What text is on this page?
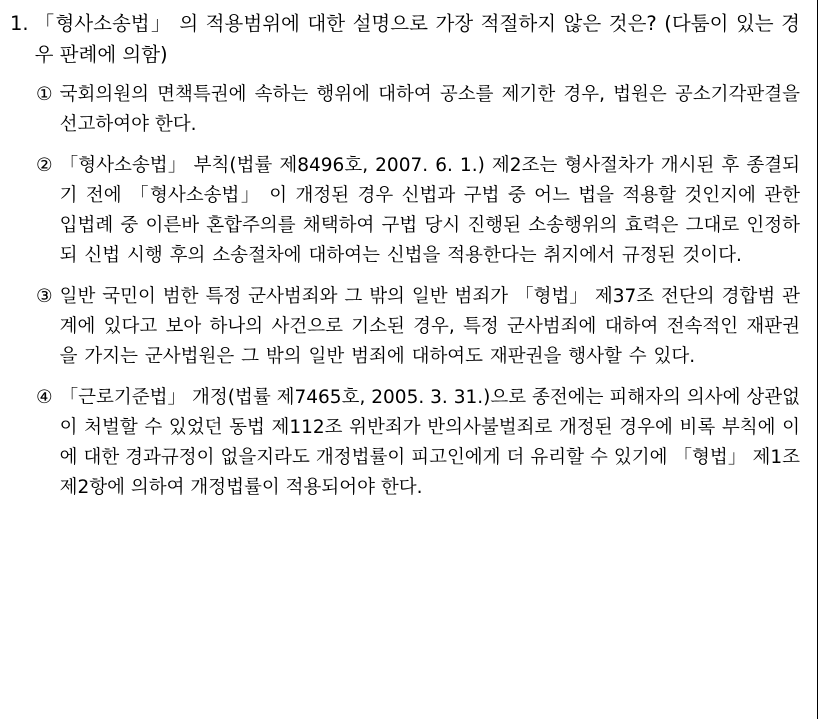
1. 「형사소송법」 의 적용범위에 대한 설명으로 가장 적절하지 않은 것은? (다툼이 있는 경우 판례에 의함)
① 국회의원의 면책특권에 속하는 행위에 대하여 공소를 제기한 경우, 법원은 공소기각판결을 선고하여야 한다.
② 「형사소송법」 부칙(법률 제8496호, 2007. 6. 1.) 제2조는 형사절차가 개시된 후 종결되기 전에 「형사소송법」 이 개정된 경우 신법과 구법 중 어느 법을 적용할 것인지에 관한 입법례 중 이른바 혼합주의를 채택하여 구법 당시 진행된 소송행위의 효력은 그대로 인정하되 신법 시행 후의 소송절차에 대하여는 신법을 적용한다는 취지에서 규정된 것이다.
③ 일반 국민이 범한 특정 군사범죄와 그 밖의 일반 범죄가 「형법」 제37조 전단의 경합범 관계에 있다고 보아 하나의 사건으로 기소된 경우, 특정 군사범죄에 대하여 전속적인 재판권을 가지는 군사법원은 그 밖의 일반 범죄에 대하여도 재판권을 행사할 수 있다.
④ 「근로기준법」 개정(법률 제7465호, 2005. 3. 31.)으로 종전에는 피해자의 의사에 상관없이 처벌할 수 있었던 동법 제112조 위반죄가 반의사불벌죄로 개정된 경우에 비록 부칙에 이에 대한 경과규정이 없을지라도 개정법률이 피고인에게 더 유리할 수 있기에 「형법」 제1조 제2항에 의하여 개정법률이 적용되어야 한다.
